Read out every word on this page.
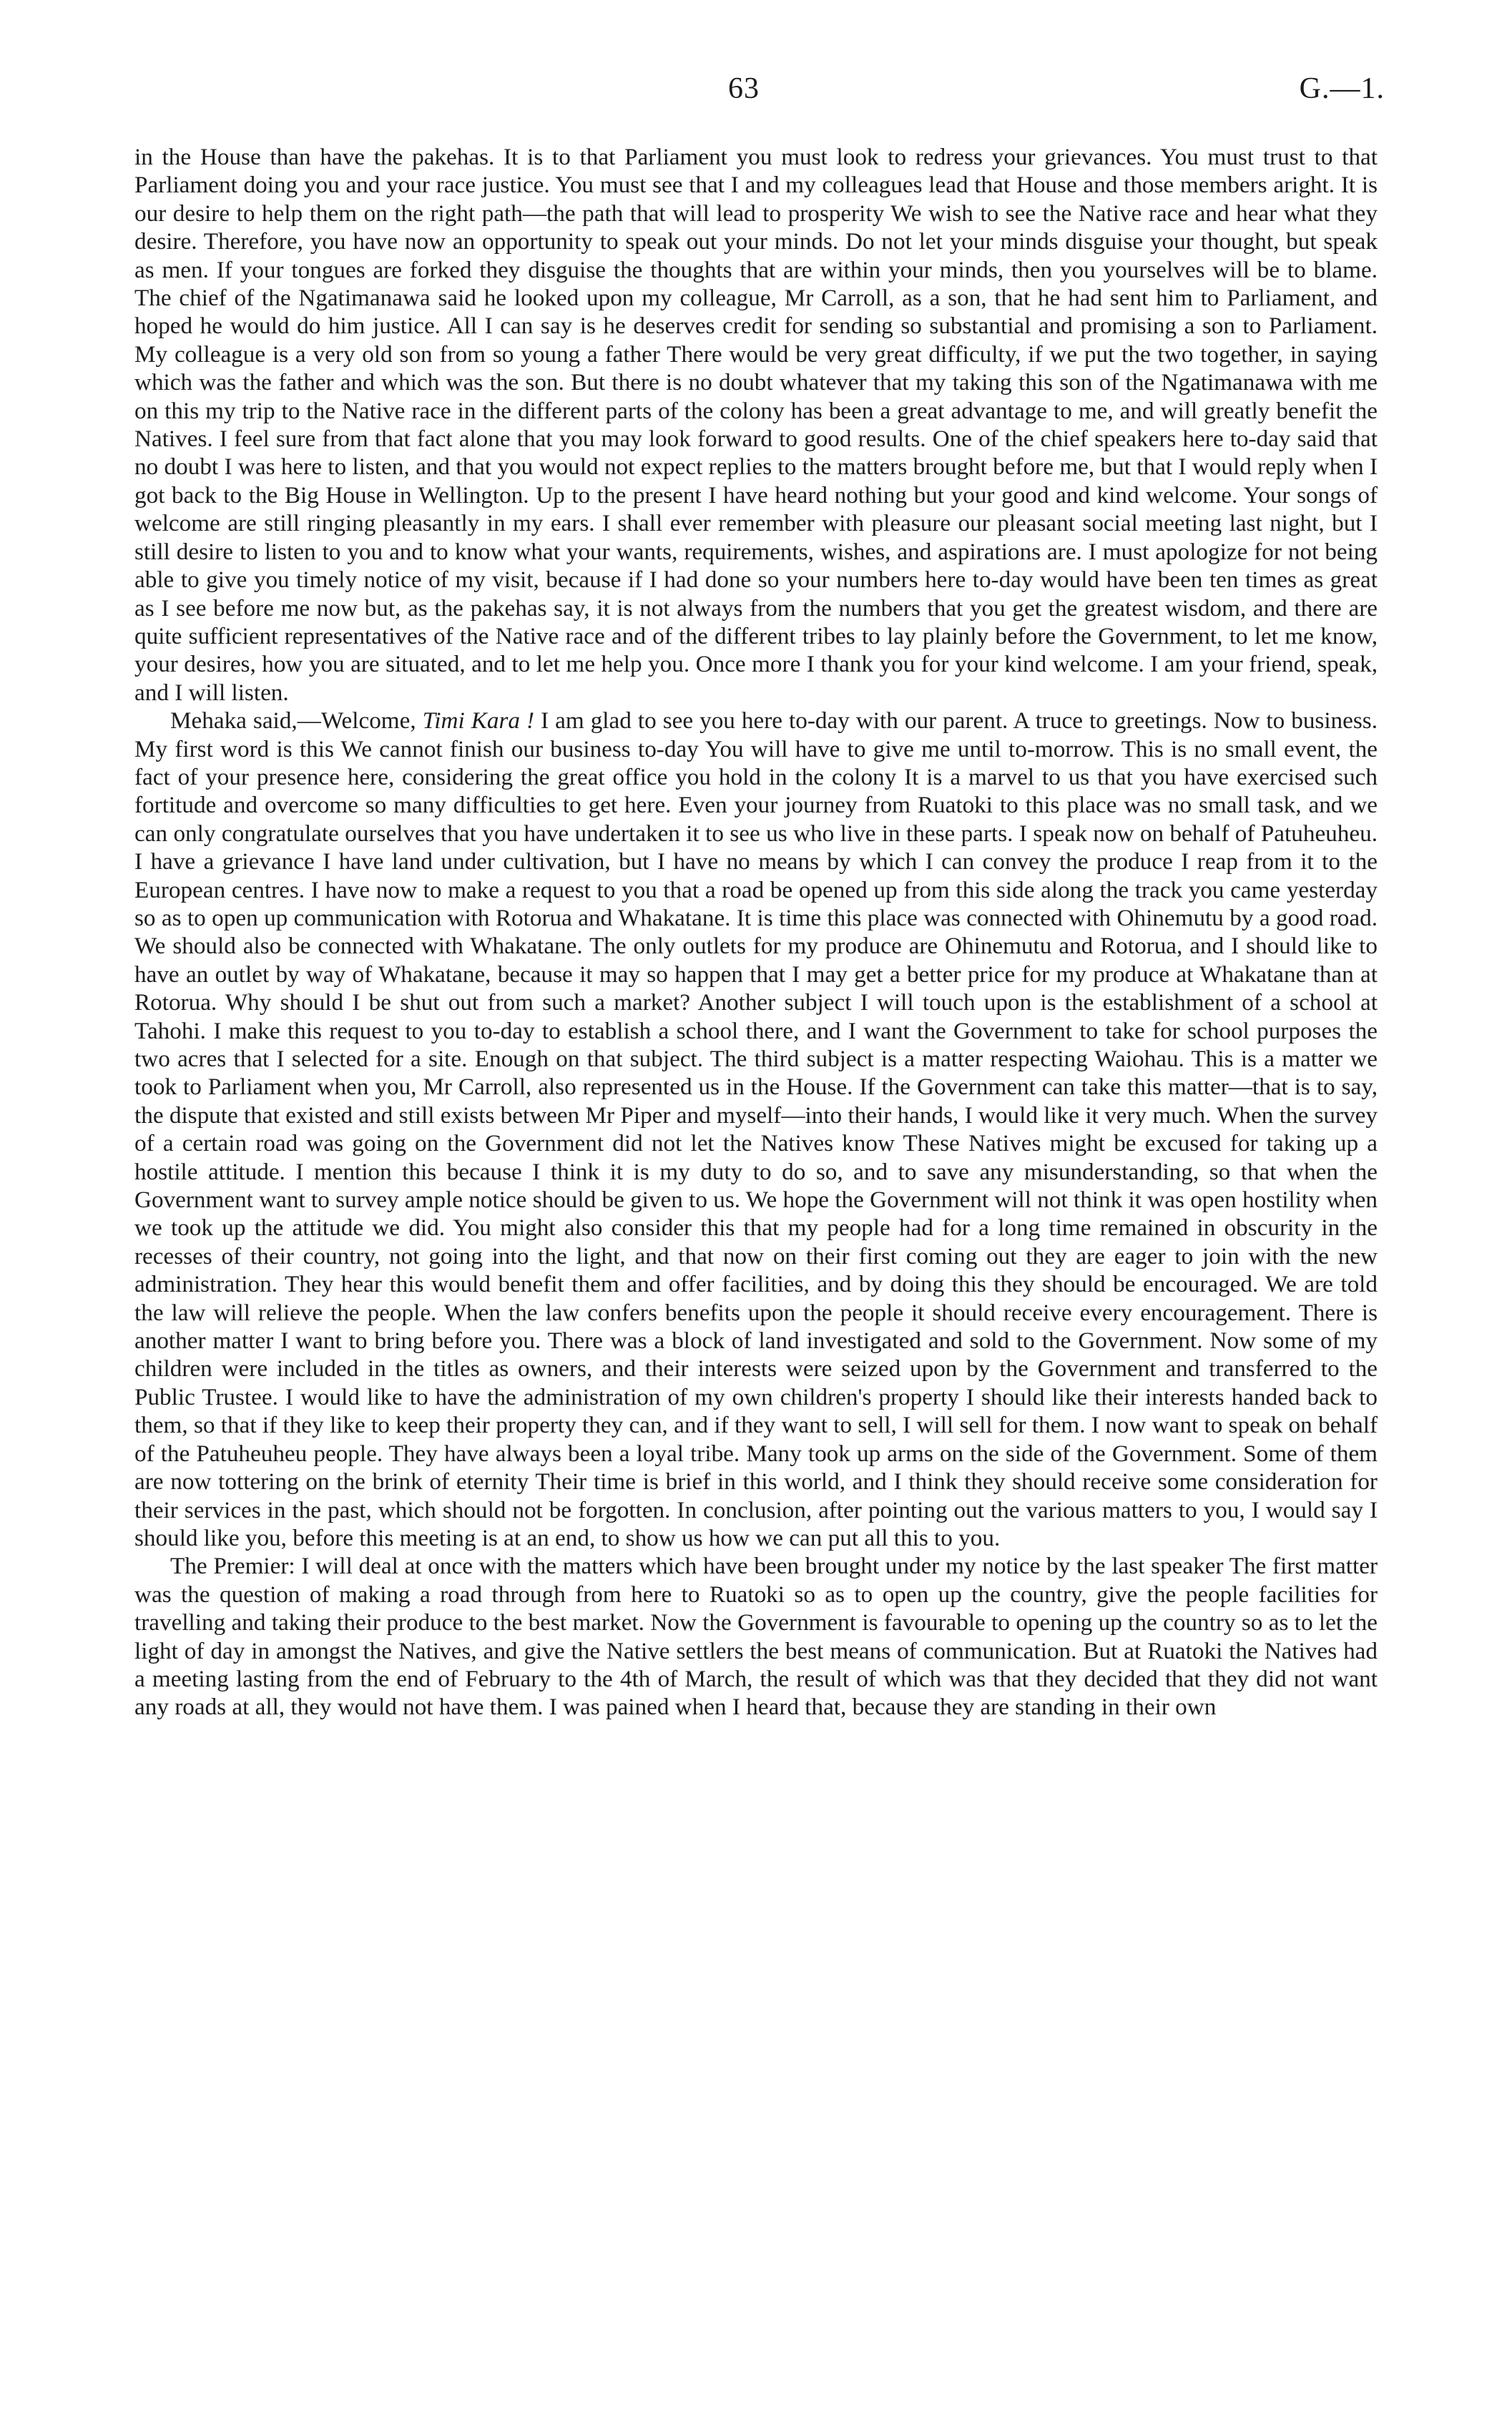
63	G.—1.

in the House than have the pakehas. It is to that Parliament you must look to redress your grievances. You must trust to that Parliament doing you and your race justice. You must see that I and my colleagues lead that House and those members aright. It is our desire to help them on the right path—the path that will lead to prosperity We wish to see the Native race and hear what they desire. Therefore, you have now an opportunity to speak out your minds. Do not let your minds disguise your thought, but speak as men. If your tongues are forked they disguise the thoughts that are within your minds, then you yourselves will be to blame. The chief of the Ngatimanawa said he looked upon my colleague, Mr Carroll, as a son, that he had sent him to Parliament, and hoped he would do him justice. All I can say is he deserves credit for sending so substantial and promising a son to Parliament. My colleague is a very old son from so young a father There would be very great difficulty, if we put the two together, in saying which was the father and which was the son. But there is no doubt whatever that my taking this son of the Ngatimanawa with me on this my trip to the Native race in the different parts of the colony has been a great advantage to me, and will greatly benefit the Natives. I feel sure from that fact alone that you may look forward to good results. One of the chief speakers here to-day said that no doubt I was here to listen, and that you would not expect replies to the matters brought before me, but that I would reply when I got back to the Big House in Wellington. Up to the present I have heard nothing but your good and kind welcome. Your songs of welcome are still ringing pleasantly in my ears. I shall ever remember with pleasure our pleasant social meeting last night, but I still desire to listen to you and to know what your wants, requirements, wishes, and aspirations are. I must apologize for not being able to give you timely notice of my visit, because if I had done so your numbers here to-day would have been ten times as great as I see before me now but, as the pakehas say, it is not always from the numbers that you get the greatest wisdom, and there are quite sufficient representatives of the Native race and of the different tribes to lay plainly before the Government, to let me know, your desires, how you are situated, and to let me help you. Once more I thank you for your kind welcome. I am your friend, speak, and I will listen.

Mehaka said,—Welcome, Timi Kara ! I am glad to see you here to-day with our parent. A truce to greetings. Now to business. My first word is this We cannot finish our business to-day You will have to give me until to-morrow. This is no small event, the fact of your presence here, considering the great office you hold in the colony It is a marvel to us that you have exercised such fortitude and overcome so many difficulties to get here. Even your journey from Ruatoki to this place was no small task, and we can only congratulate ourselves that you have undertaken it to see us who live in these parts. I speak now on behalf of Patuheuheu. I have a grievance I have land under cultivation, but I have no means by which I can convey the produce I reap from it to the European centres. I have now to make a request to you that a road be opened up from this side along the track you came yesterday so as to open up communication with Rotorua and Whakatane. It is time this place was connected with Ohinemutu by a good road. We should also be connected with Whakatane. The only outlets for my produce are Ohinemutu and Rotorua, and I should like to have an outlet by way of Whakatane, because it may so happen that I may get a better price for my produce at Whakatane than at Rotorua. Why should I be shut out from such a market? Another subject I will touch upon is the establishment of a school at Tahohi. I make this request to you to-day to establish a school there, and I want the Government to take for school purposes the two acres that I selected for a site. Enough on that subject. The third subject is a matter respecting Waiohau. This is a matter we took to Parliament when you, Mr Carroll, also represented us in the House. If the Government can take this matter—that is to say, the dispute that existed and still exists between Mr Piper and myself—into their hands, I would like it very much. When the survey of a certain road was going on the Government did not let the Natives know These Natives might be excused for taking up a hostile attitude. I mention this because I think it is my duty to do so, and to save any misunderstanding, so that when the Government want to survey ample notice should be given to us. We hope the Government will not think it was open hostility when we took up the attitude we did. You might also consider this that my people had for a long time remained in obscurity in the recesses of their country, not going into the light, and that now on their first coming out they are eager to join with the new administration. They hear this would benefit them and offer facilities, and by doing this they should be encouraged. We are told the law will relieve the people. When the law confers benefits upon the people it should receive every encouragement. There is another matter I want to bring before you. There was a block of land investigated and sold to the Government. Now some of my children were included in the titles as owners, and their interests were seized upon by the Government and transferred to the Public Trustee. I would like to have the administration of my own children's property I should like their interests handed back to them, so that if they like to keep their property they can, and if they want to sell, I will sell for them. I now want to speak on behalf of the Patuheuheu people. They have always been a loyal tribe. Many took up arms on the side of the Government. Some of them are now tottering on the brink of eternity Their time is brief in this world, and I think they should receive some consideration for their services in the past, which should not be forgotten. In conclusion, after pointing out the various matters to you, I would say I should like you, before this meeting is at an end, to show us how we can put all this to you.

The Premier: I will deal at once with the matters which have been brought under my notice by the last speaker The first matter was the question of making a road through from here to Ruatoki so as to open up the country, give the people facilities for travelling and taking their produce to the best market. Now the Government is favourable to opening up the country so as to let the light of day in amongst the Natives, and give the Native settlers the best means of communication. But at Ruatoki the Natives had a meeting lasting from the end of February to the 4th of March, the result of which was that they decided that they did not want any roads at all, they would not have them. I was pained when I heard that, because they are standing in their own
